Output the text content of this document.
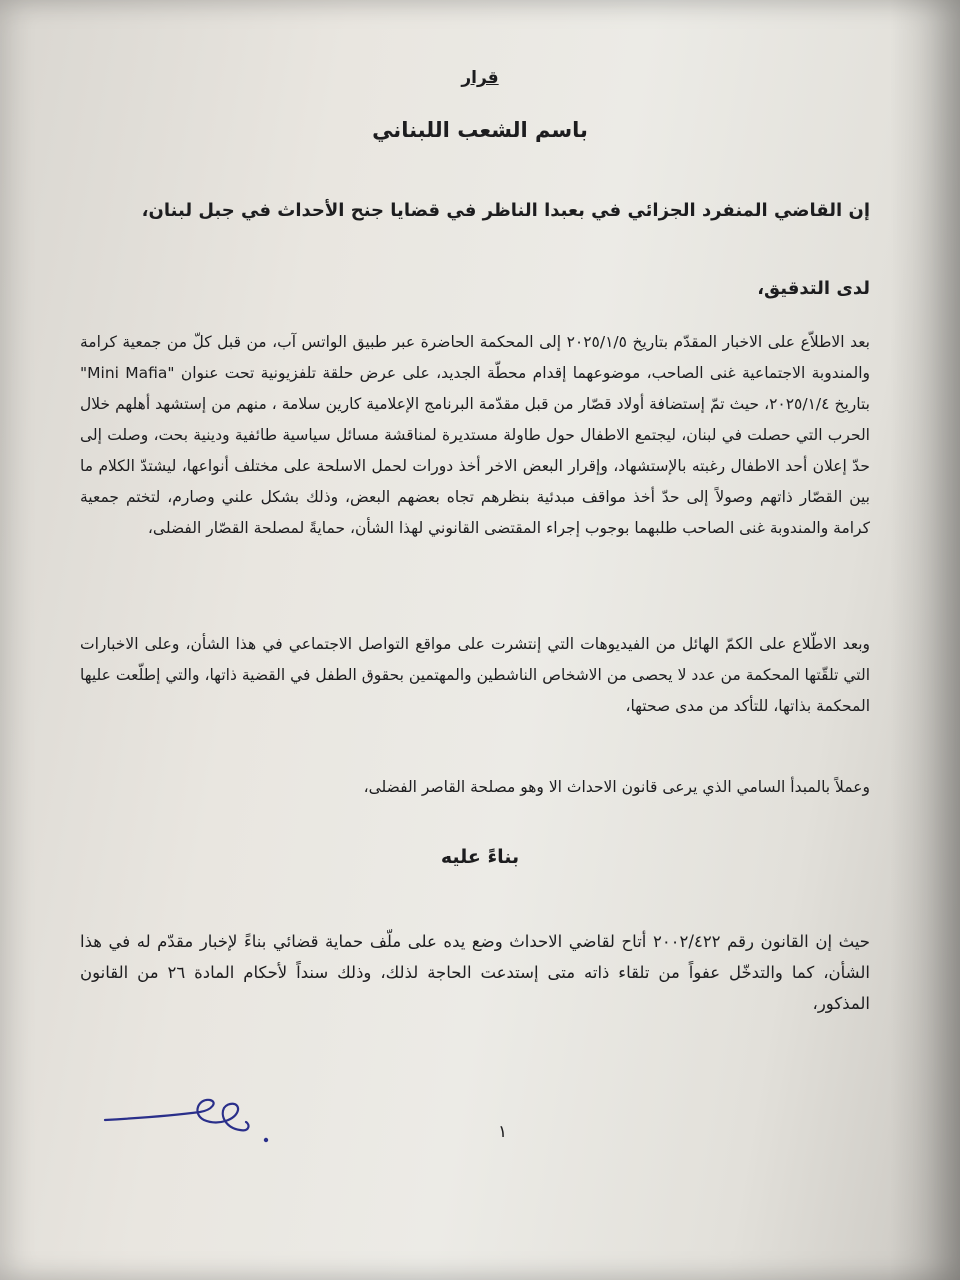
قرار
باسم الشعب اللبناني
إن القاضي المنفرد الجزائي في بعبدا الناظر في قضايا جنح الأحداث في جبل لبنان،
لدى التدقيق،
بعد الاطلاّع على الاخبار المقدّم بتاريخ ٢٠٢٥/١/٥ إلى المحكمة الحاضرة عبر طبيق الواتس آب، من قبل كلّ من جمعية كرامة والمندوبة الاجتماعية غنى الصاحب، موضوعهما إقدام محطّة الجديد، على عرض حلقة تلفزيونية تحت عنوان "Mini Mafia" بتاريخ ٢٠٢٥/١/٤، حيث تمّ إستضافة أولاد قصّار من قبل مقدّمة البرنامج الإعلامية كارين سلامة ، منهم من إستشهد أهلهم خلال الحرب التي حصلت في لبنان، ليجتمع الاطفال حول طاولة مستديرة لمناقشة مسائل سياسية طائفية ودينية بحت، وصلت إلى حدّ إعلان أحد الاطفال رغبته بالإستشهاد، وإقرار البعض الاخر أخذ دورات لحمل الاسلحة على مختلف أنواعها، ليشتدّ الكلام ما بين القصّار ذاتهم وصولاً إلى حدّ أخذ مواقف مبدئية بنظرهم تجاه بعضهم البعض، وذلك بشكل علني وصارم، لتختم جمعية كرامة والمندوبة غنى الصاحب طلبهما بوجوب إجراء المقتضى القانوني لهذا الشأن، حمايةً لمصلحة القصّار الفضلى،
وبعد الاطّلاع على الكمّ الهائل من الفيديوهات التي إنتشرت على مواقع التواصل الاجتماعي في هذا الشأن، وعلى الاخبارات التي تلقّتها المحكمة من عدد لا يحصى من الاشخاص الناشطين والمهتمين بحقوق الطفل في القضية ذاتها، والتي إطلّعت عليها المحكمة بذاتها، للتأكد من مدى صحتها،
وعملاً بالمبدأ السامي الذي يرعى قانون الاحداث الا وهو مصلحة القاصر الفضلى،
بناءً عليه
حيث إن القانون رقم ٢٠٠٢/٤٢٢ أتاح لقاضي الاحداث وضع يده على ملّف حماية قضائي بناءً لإخبار مقدّم له في هذا الشأن، كما والتدخّل عفواً من تلقاء ذاته متى إستدعت الحاجة لذلك، وذلك سنداً لأحكام المادة ٢٦ من القانون المذكور،
١
